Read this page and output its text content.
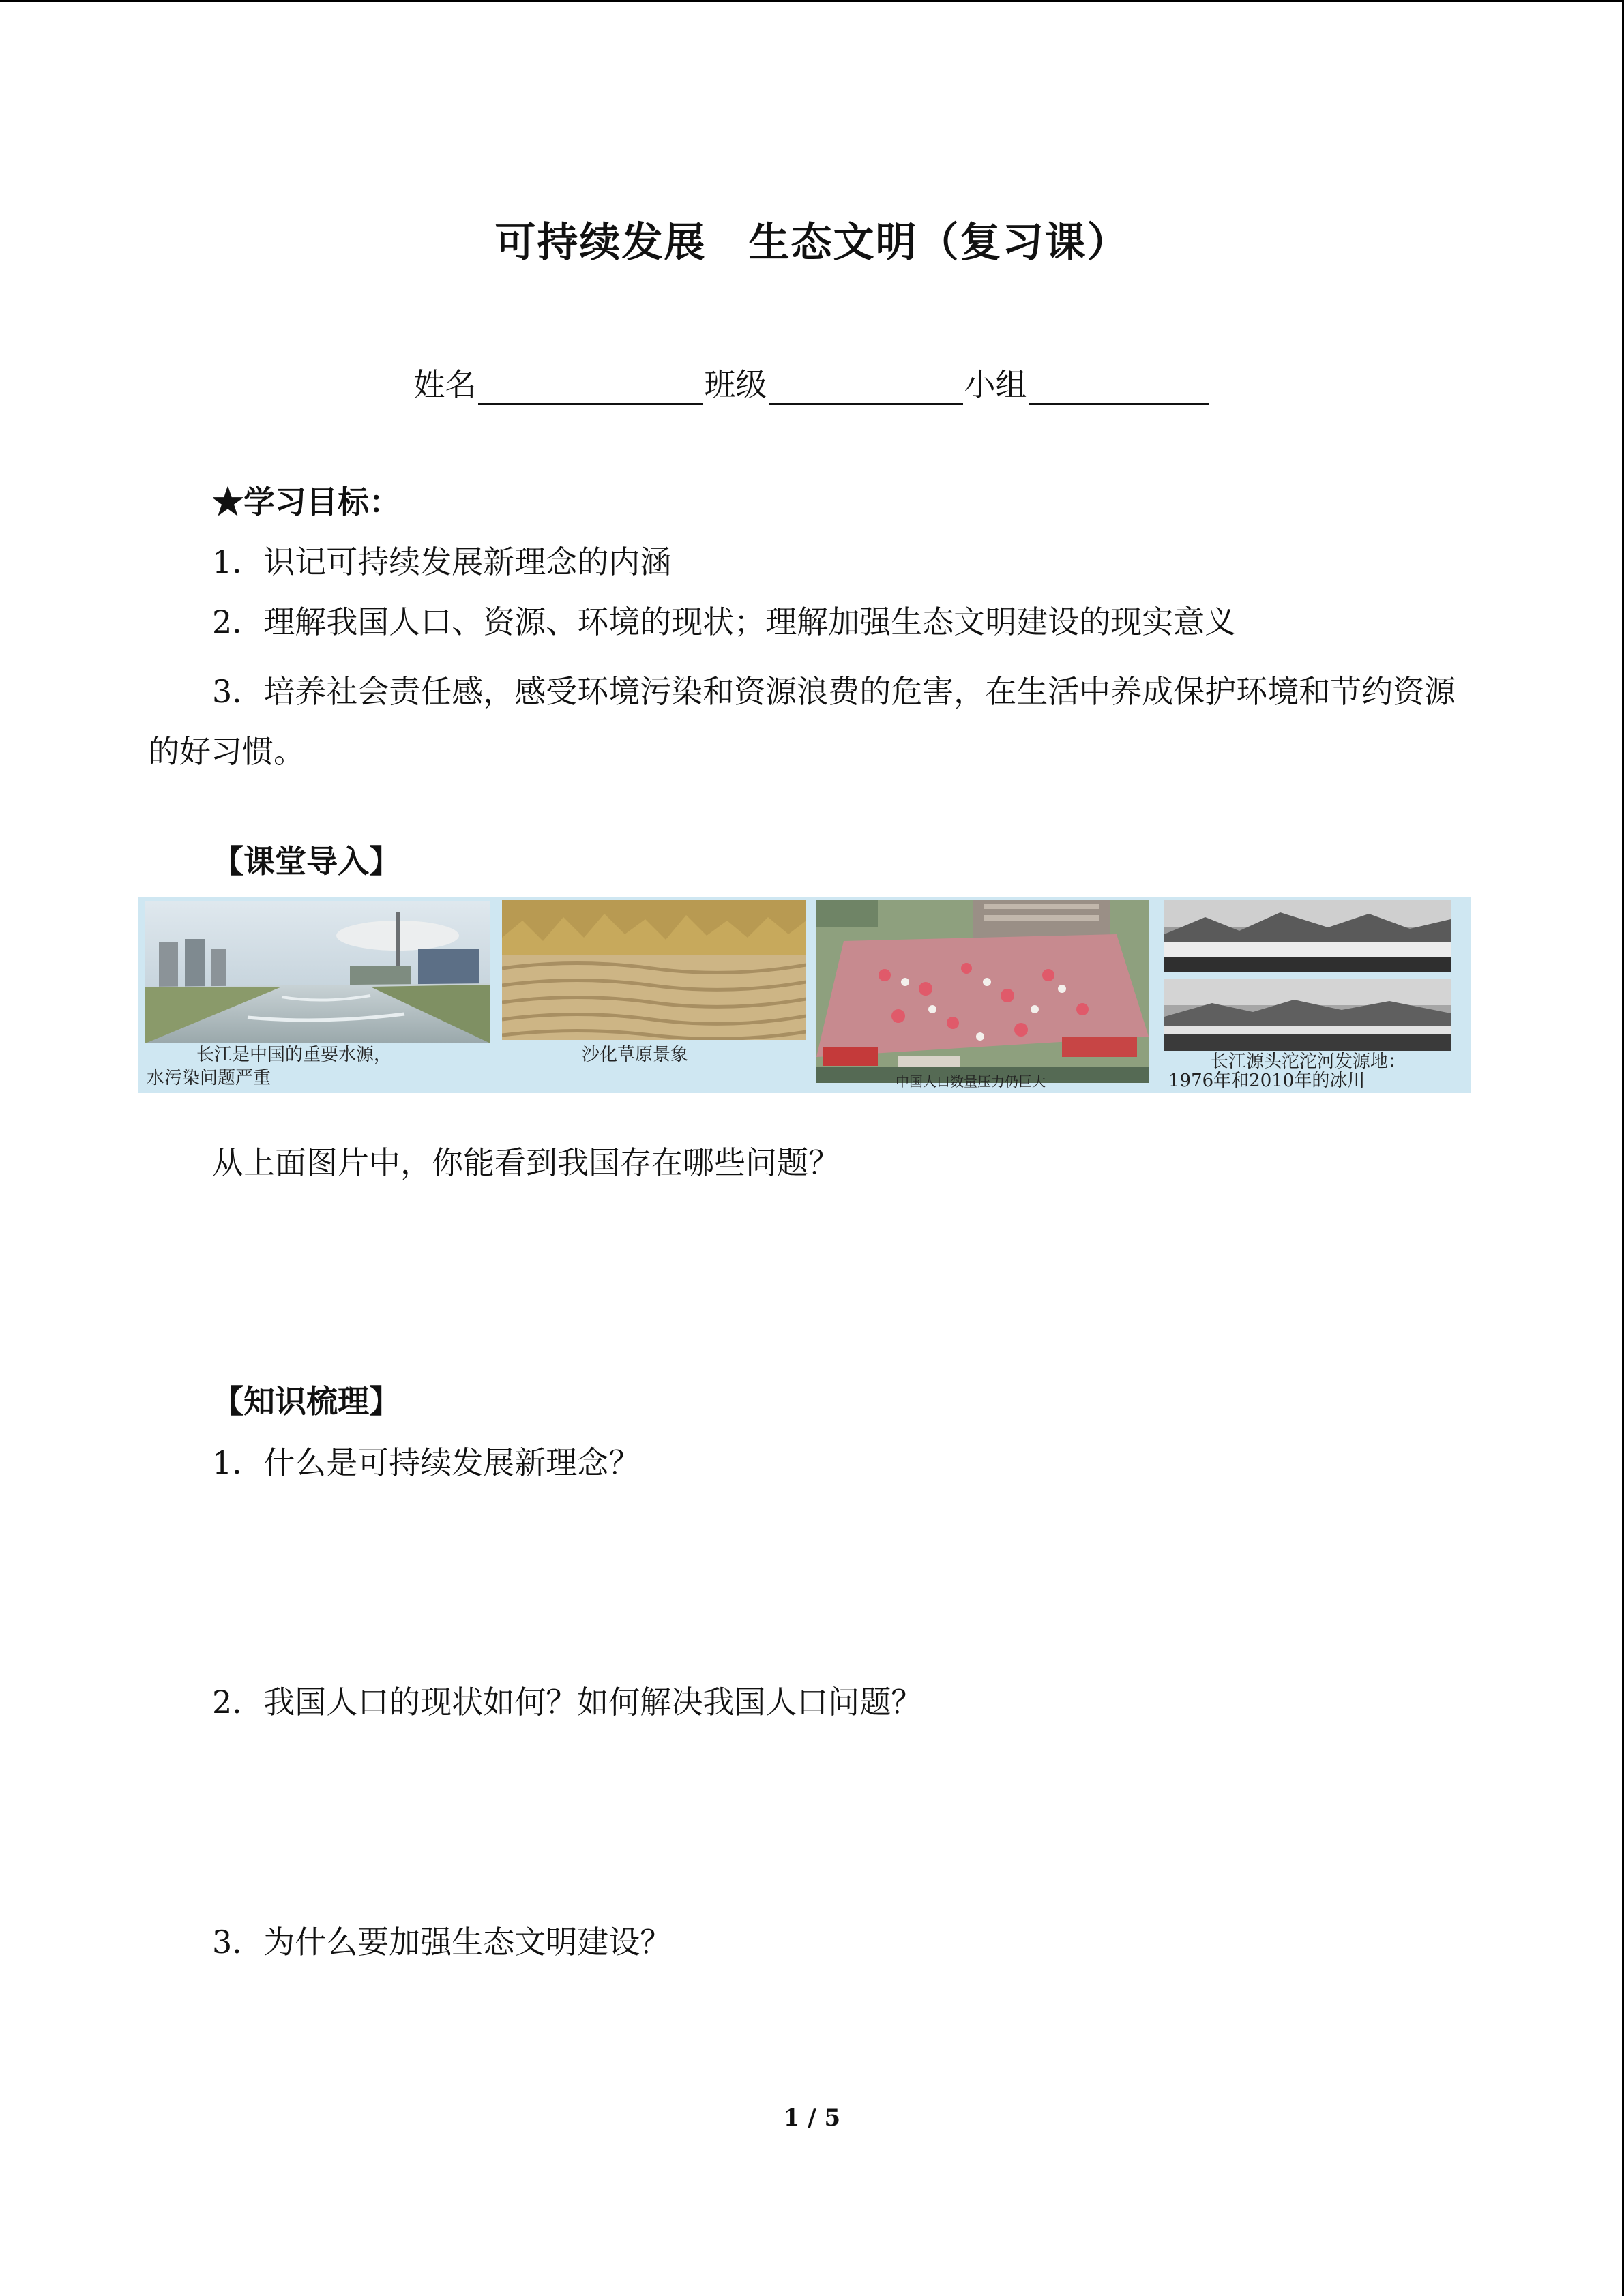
可持续发展　生态文明（复习课）
姓名	班级	小组
★学习目标：
1．识记可持续发展新理念的内涵
2．理解我国人口、资源、环境的现状；理解加强生态文明建设的现实意义
3．培养社会责任感，感受环境污染和资源浪费的危害，在生活中养成保护环境和节约资源的好习惯。
【课堂导入】
长江是中国的重要水源，
水污染问题严重
沙化草原景象
中国人口数量压力仍巨大
长江源头沱沱河发源地：
1976年和2010年的冰川
从上面图片中，你能看到我国存在哪些问题？
【知识梳理】
1．什么是可持续发展新理念？
2．我国人口的现状如何？如何解决我国人口问题？
3．为什么要加强生态文明建设？
1 / 5
